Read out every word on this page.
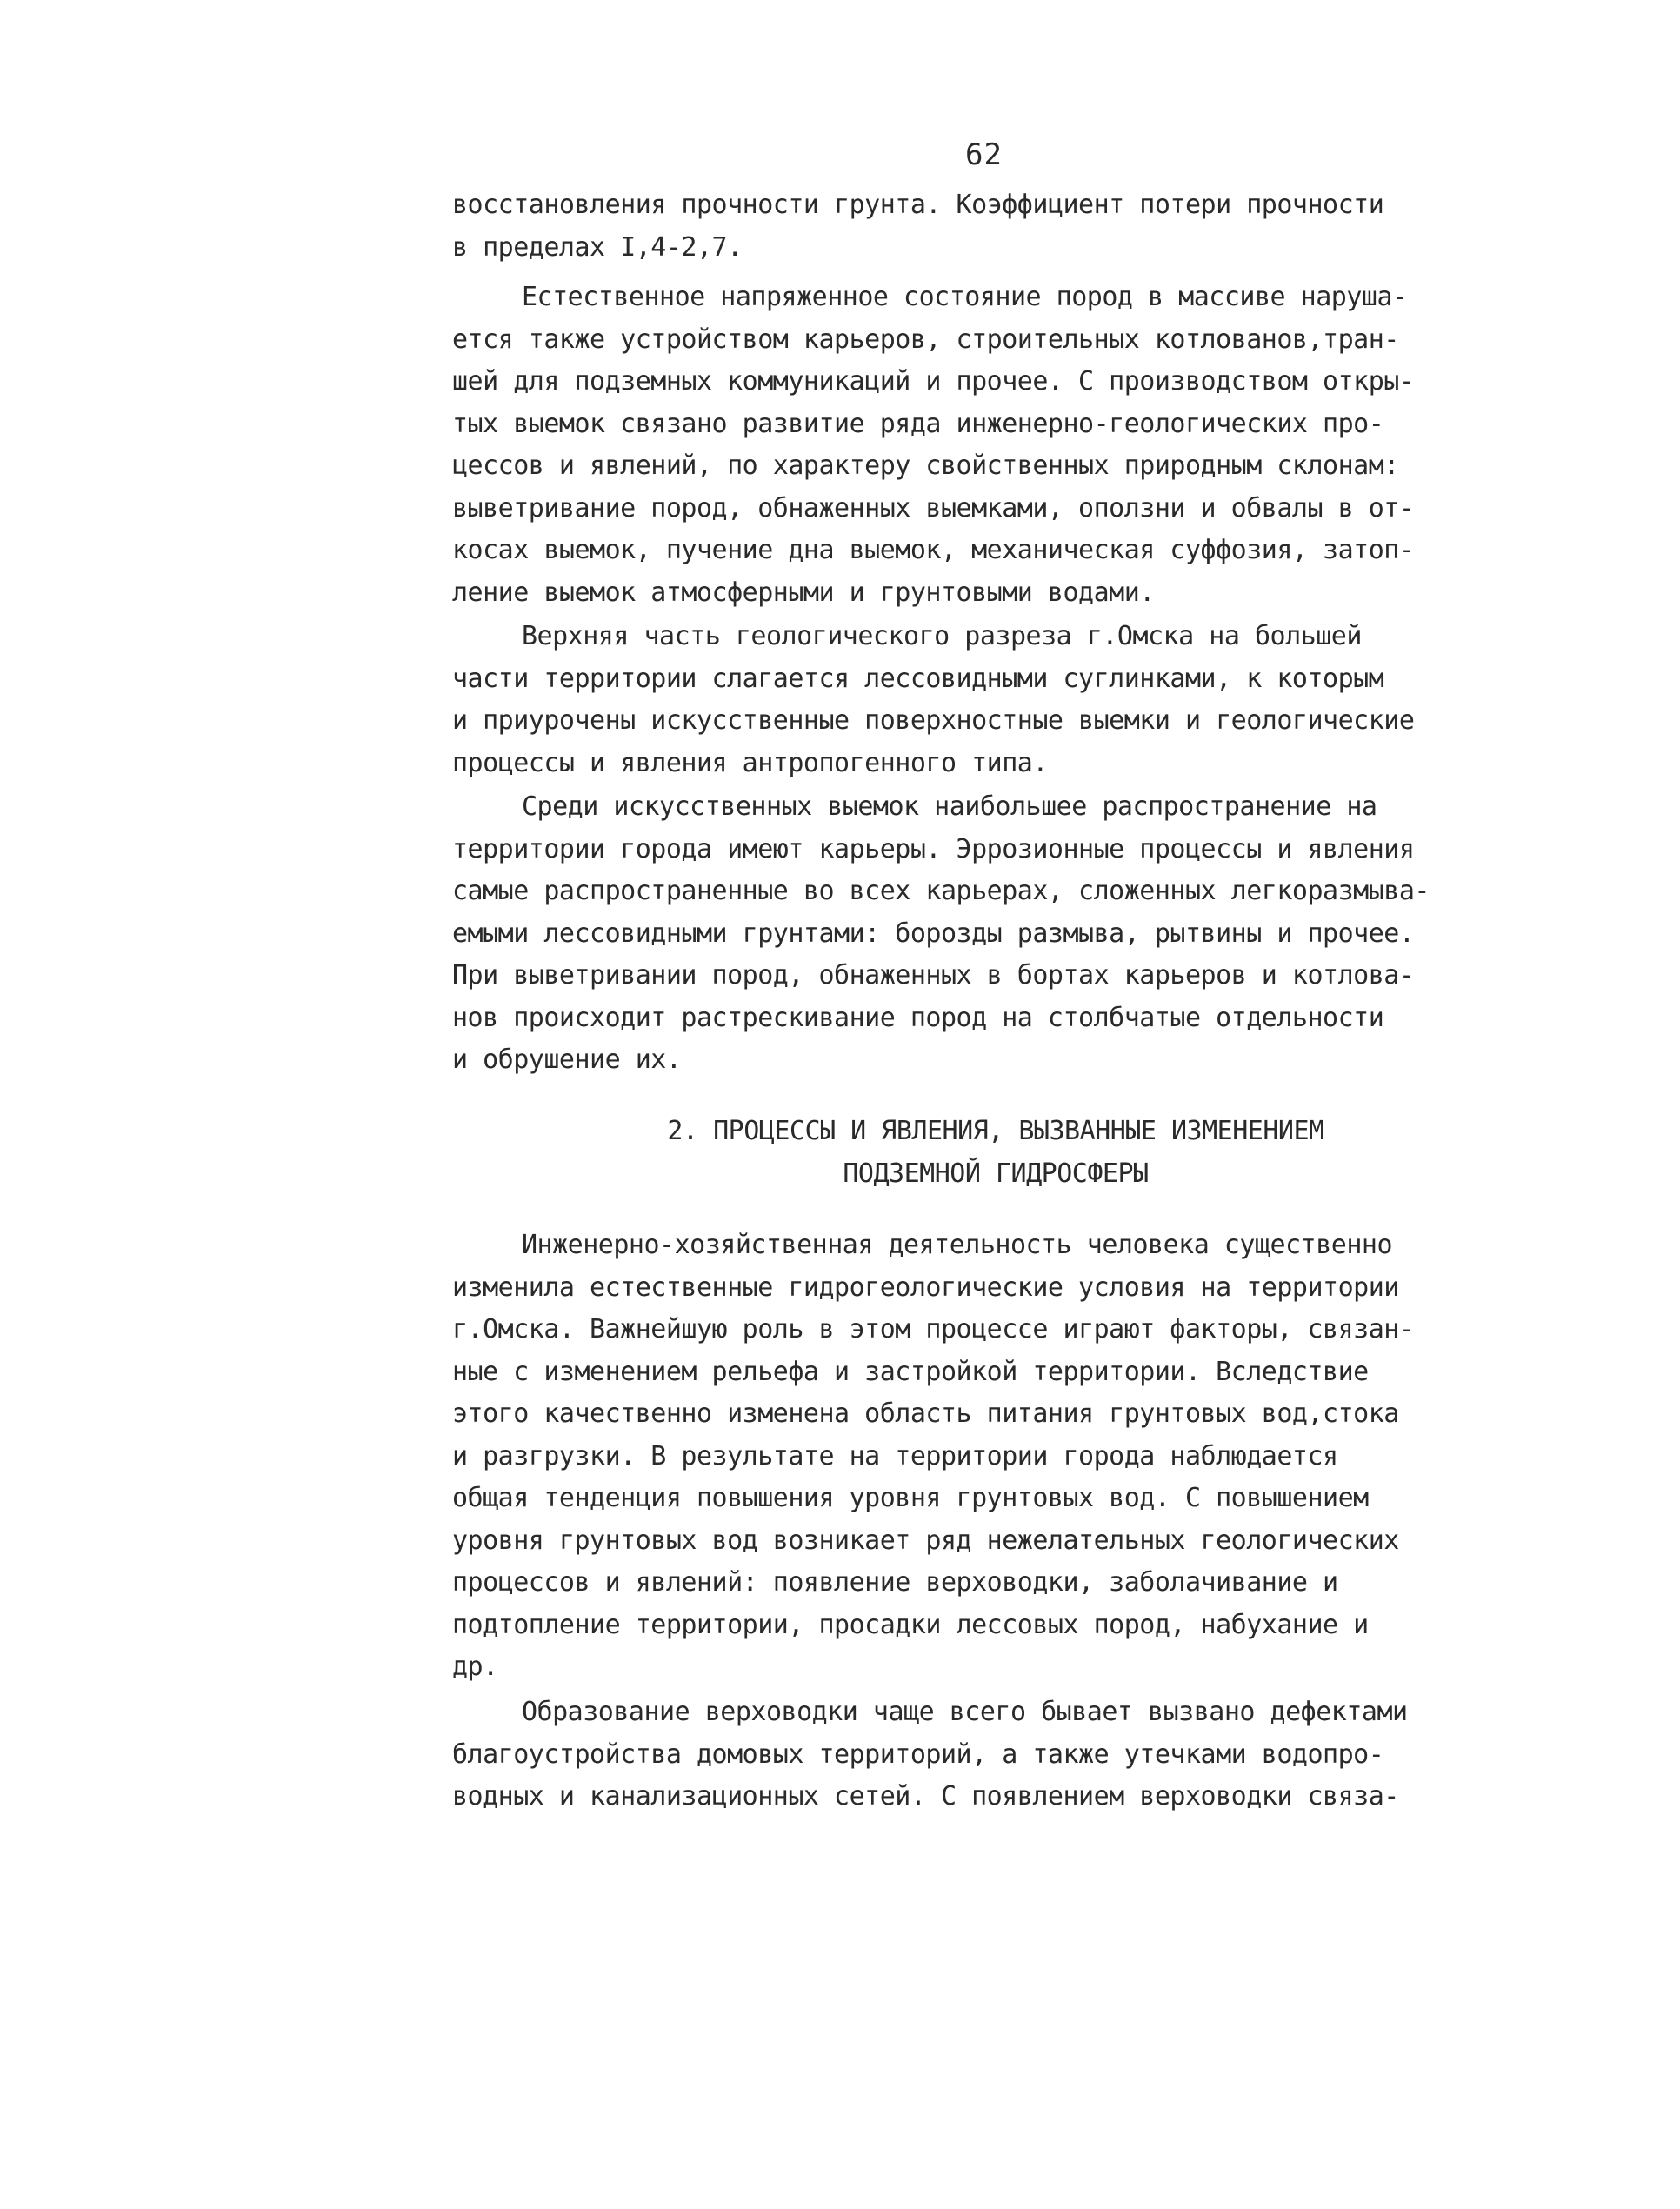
62
восстановления прочности грунта. Коэффициент потери прочности
в пределах I,4-2,7.
Естественное напряженное состояние пород в массиве наруша-
ется также устройством карьеров, строительных котлованов,тран-
шей для подземных коммуникаций и прочее. С производством откры-
тых выемок связано развитие ряда инженерно-геологических про-
цессов и явлений, по характеру свойственных природным склонам:
выветривание пород, обнаженных выемками, оползни и обвалы в от-
косах выемок, пучение дна выемок, механическая суффозия, затоп-
ление выемок атмосферными и грунтовыми водами.
Верхняя часть геологического разреза г.Омска на большей
части территории слагается лессовидными суглинками, к которым
и приурочены искусственные поверхностные выемки и геологические
процессы и явления антропогенного типа.
Среди искусственных выемок наибольшее распространение на
территории города имеют карьеры. Эррозионные процессы и явления
самые распространенные во всех карьерах, сложенных легкоразмыва-
емыми лессовидными грунтами: борозды размыва, рытвины и прочее.
При выветривании пород, обнаженных в бортах карьеров и котлова-
нов происходит растрескивание пород на столбчатые отдельности
и обрушение их.
2. ПРОЦЕССЫ И ЯВЛЕНИЯ, ВЫЗВАННЫЕ ИЗМЕНЕНИЕМ
ПОДЗЕМНОЙ ГИДРОСФЕРЫ
Инженерно-хозяйственная деятельность человека существенно
изменила естественные гидрогеологические условия на территории
г.Омска. Важнейшую роль в этом процессе играют факторы, связан-
ные с изменением рельефа и застройкой территории. Вследствие
этого качественно изменена область питания грунтовых вод,стока
и разгрузки. В результате на территории города наблюдается
общая тенденция повышения уровня грунтовых вод. С повышением
уровня грунтовых вод возникает ряд нежелательных геологических
процессов и явлений: появление верховодки, заболачивание и
подтопление территории, просадки лессовых пород, набухание и
др.
Образование верховодки чаще всего бывает вызвано дефектами
благоустройства домовых территорий, а также утечками водопро-
водных и канализационных сетей. С появлением верховодки связа-
